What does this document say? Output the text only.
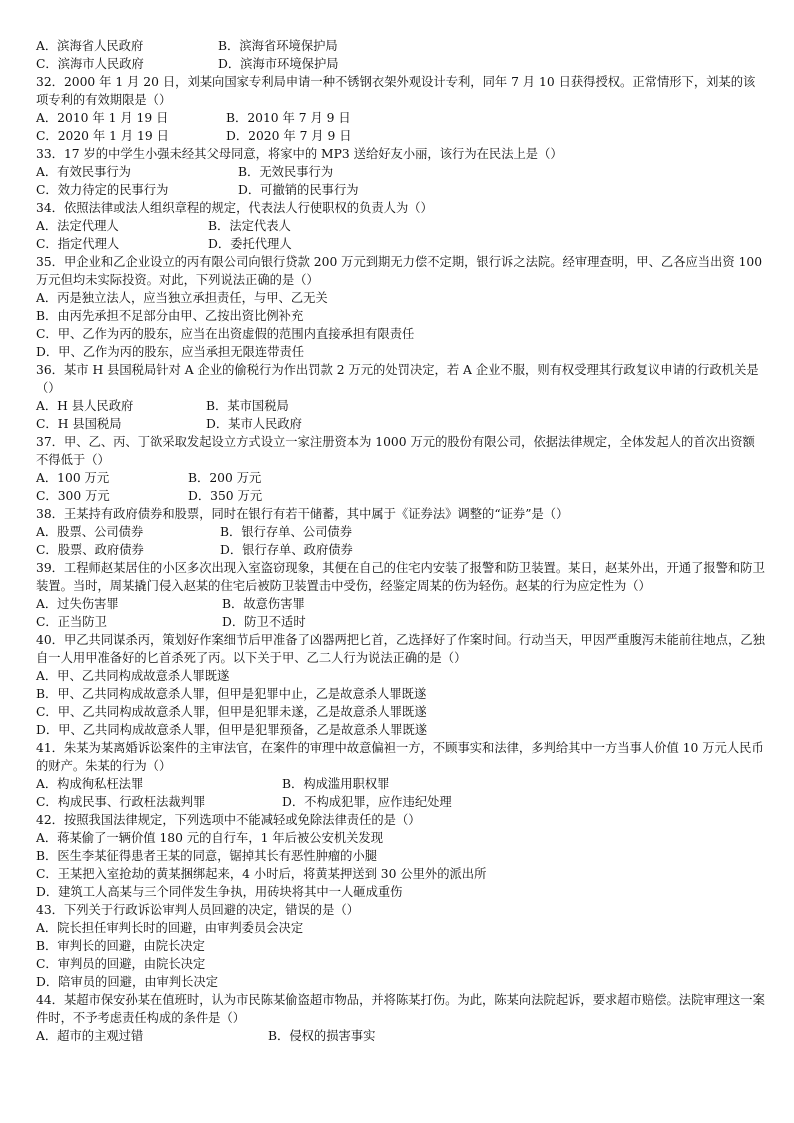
A．滨海省人民政府	B．滨海省环境保护局
C．滨海市人民政府	D．滨海市环境保护局
32．2000 年 1 月 20 日，刘某向国家专利局申请一种不锈钢衣架外观设计专利，同年 7 月 10 日获得授权。正常情形下，刘某的该项专利的有效期限是（）
A．2010 年 1 月 19 日	B．2010 年 7 月 9 日
C．2020 年 1 月 19 日	D．2020 年 7 月 9 日
33．17 岁的中学生小强未经其父母同意，将家中的 MP3 送给好友小丽，该行为在民法上是（）
A．有效民事行为	B．无效民事行为
C．效力待定的民事行为	D．可撤销的民事行为
34．依照法律或法人组织章程的规定，代表法人行使职权的负责人为（）
A．法定代理人	B．法定代表人
C．指定代理人	D．委托代理人
35．甲企业和乙企业设立的丙有限公司向银行贷款 200 万元到期无力偿不定期，银行诉之法院。经审理查明，甲、乙各应当出资 100 万元但均未实际投资。对此，下列说法正确的是（）
A．丙是独立法人，应当独立承担责任，与甲、乙无关
B．由丙先承担不足部分由甲、乙按出资比例补充
C．甲、乙作为丙的股东，应当在出资虚假的范围内直接承担有限责任
D．甲、乙作为丙的股东，应当承担无限连带责任
36．某市 H 县国税局针对 A 企业的偷税行为作出罚款 2 万元的处罚决定，若 A 企业不服，则有权受理其行政复议申请的行政机关是（）
A．H 县人民政府	B．某市国税局
C．H 县国税局	D．某市人民政府
37．甲、乙、丙、丁欲采取发起设立方式设立一家注册资本为 1000 万元的股份有限公司，依据法律规定，全体发起人的首次出资额不得低于（）
A．100 万元	B．200 万元
C．300 万元	D．350 万元
38．王某持有政府债券和股票，同时在银行有若干储蓄，其中属于《证券法》调整的“证券”是（）
A．股票、公司债券	B．银行存单、公司债券
C．股票、政府债券	D．银行存单、政府债券
39．工程师赵某居住的小区多次出现入室盗窃现象，其便在自己的住宅内安装了报警和防卫装置。某日，赵某外出，开通了报警和防卫装置。当时，周某撬门侵入赵某的住宅后被防卫装置击中受伤，经鉴定周某的伤为轻伤。赵某的行为应定性为（）
A．过失伤害罪	B．故意伤害罪
C．正当防卫	D．防卫不适时
40．甲乙共同谋杀丙，策划好作案细节后甲准备了凶器两把匕首，乙选择好了作案时间。行动当天，甲因严重腹泻未能前往地点，乙独自一人用甲准备好的匕首杀死了丙。以下关于甲、乙二人行为说法正确的是（）
A．甲、乙共同构成故意杀人罪既遂
B．甲、乙共同构成故意杀人罪，但甲是犯罪中止，乙是故意杀人罪既遂
C．甲、乙共同构成故意杀人罪，但甲是犯罪未遂，乙是故意杀人罪既遂
D．甲、乙共同构成故意杀人罪，但甲是犯罪预备，乙是故意杀人罪既遂
41．朱某为某离婚诉讼案件的主审法官，在案件的审理中故意偏袒一方，不顾事实和法律，多判给其中一方当事人价值 10 万元人民币的财产。朱某的行为（）
A．构成徇私枉法罪	B．构成滥用职权罪
C．构成民事、行政枉法裁判罪	D．不构成犯罪，应作违纪处理
42．按照我国法律规定，下列选项中不能减轻或免除法律责任的是（）
A．蒋某偷了一辆价值 180 元的自行车，1 年后被公安机关发现
B．医生李某征得患者王某的同意，锯掉其长有恶性肿瘤的小腿
C．王某把入室抢劫的黄某捆绑起来，4 小时后，将黄某押送到 30 公里外的派出所
D．建筑工人高某与三个同伴发生争执，用砖块将其中一人砸成重伤
43．下列关于行政诉讼审判人员回避的决定，错误的是（）
A．院长担任审判长时的回避，由审判委员会决定
B．审判长的回避，由院长决定
C．审判员的回避，由院长决定
D．陪审员的回避，由审判长决定
44．某超市保安孙某在值班时，认为市民陈某偷盗超市物品，并将陈某打伤。为此，陈某向法院起诉，要求超市赔偿。法院审理这一案件时，不予考虑责任构成的条件是（）
A．超市的主观过错	B．侵权的损害事实
